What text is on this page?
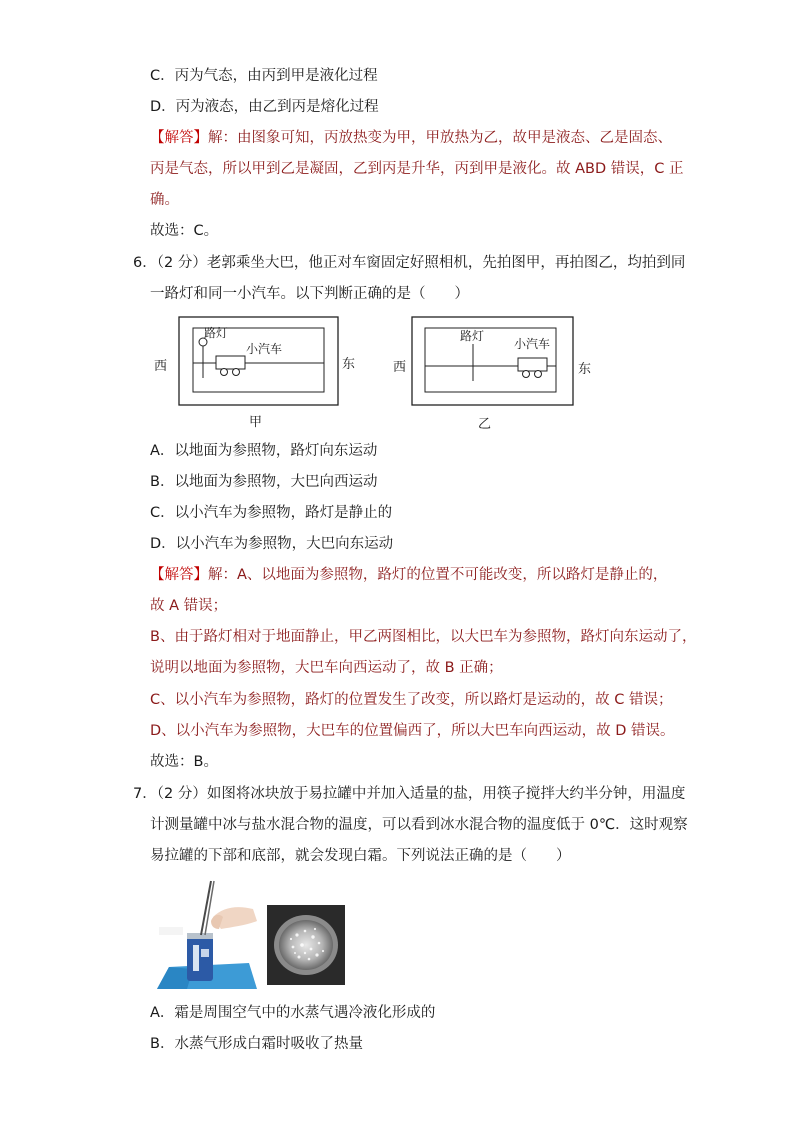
C．丙为气态，由丙到甲是液化过程
D．丙为液态，由乙到丙是熔化过程
【解答】解：由图象可知，丙放热变为甲，甲放热为乙，故甲是液态、乙是固态、
丙是气态，所以甲到乙是凝固，乙到丙是升华，丙到甲是液化。故 ABD 错误，C 正
确。
故选：C。
6．（2 分）老郭乘坐大巴，他正对车窗固定好照相机，先拍图甲，再拍图乙，均拍到同
一路灯和同一小汽车。以下判断正确的是（　　）
西
路灯
小汽车
东
甲
西
路灯
小汽车
东
乙
A．以地面为参照物，路灯向东运动
B．以地面为参照物，大巴向西运动
C．以小汽车为参照物，路灯是静止的
D．以小汽车为参照物，大巴向东运动
【解答】解：A、以地面为参照物，路灯的位置不可能改变，所以路灯是静止的，
故 A 错误；
B、由于路灯相对于地面静止，甲乙两图相比，以大巴车为参照物，路灯向东运动了，
说明以地面为参照物，大巴车向西运动了，故 B 正确；
C、以小汽车为参照物，路灯的位置发生了改变，所以路灯是运动的，故 C 错误；
D、以小汽车为参照物，大巴车的位置偏西了，所以大巴车向西运动，故 D 错误。
故选：B。
7．（2 分）如图将冰块放于易拉罐中并加入适量的盐，用筷子搅拌大约半分钟，用温度
计测量罐中冰与盐水混合物的温度，可以看到冰水混合物的温度低于 0℃．这时观察
易拉罐的下部和底部，就会发现白霜。下列说法正确的是（　　）
A．霜是周围空气中的水蒸气遇冷液化形成的
B．水蒸气形成白霜时吸收了热量
